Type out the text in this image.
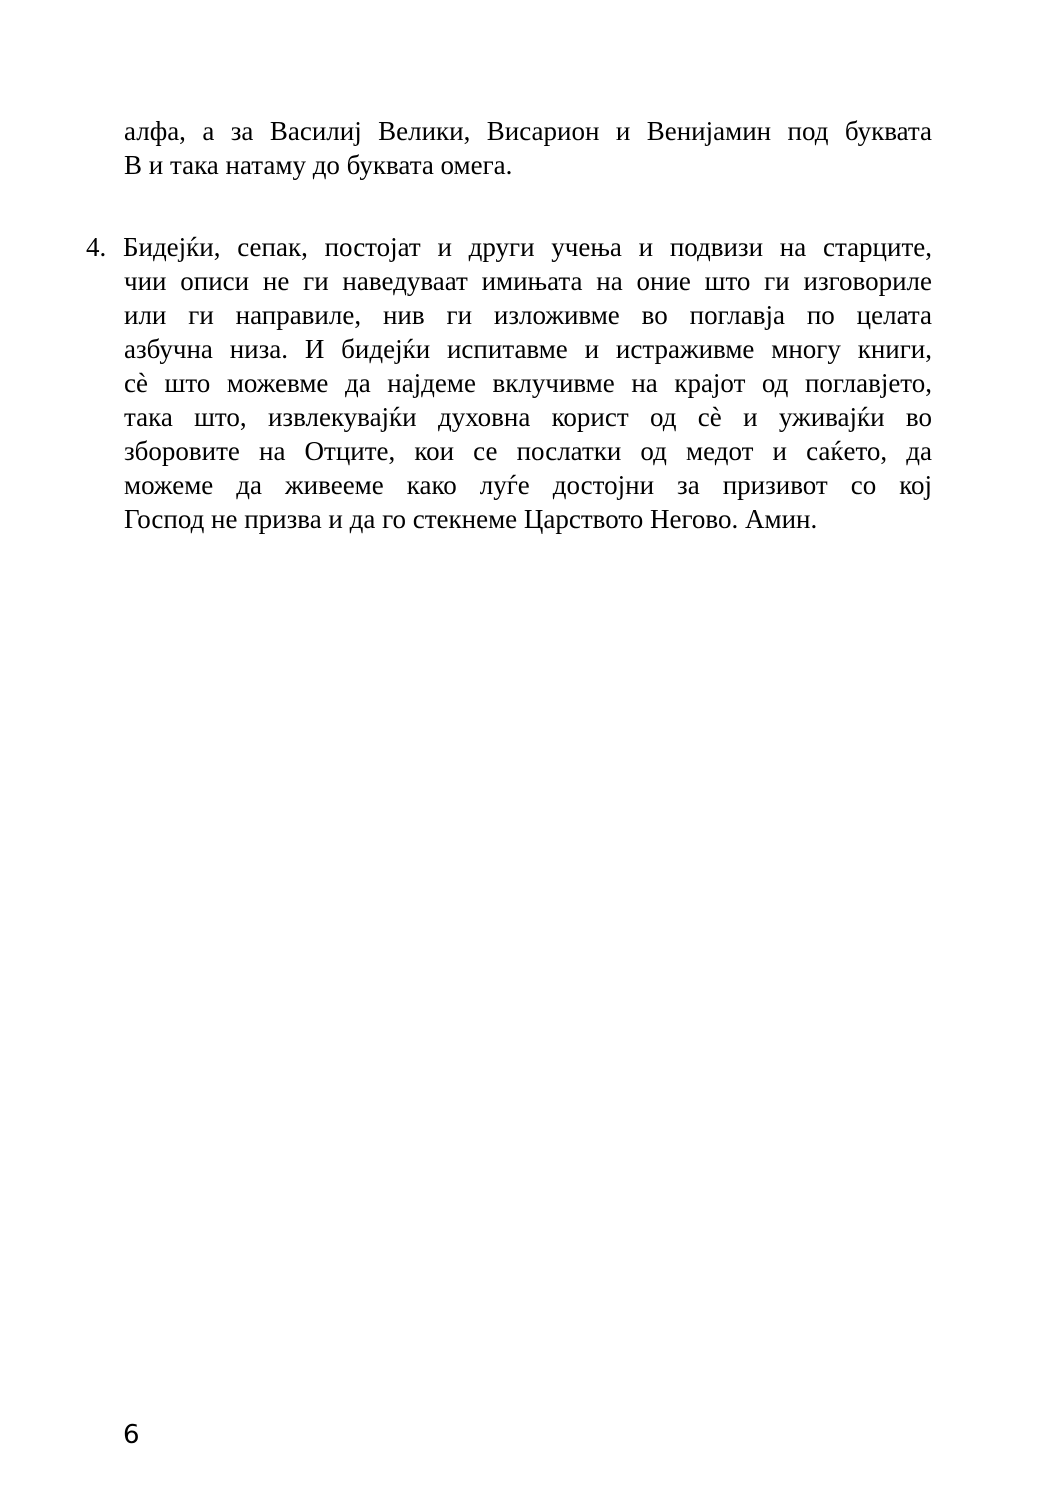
алфа, а за Василиј Велики, Висарион и Венијамин под буквата
В и така натаму до буквата омега.
4. Бидејќи, сепак, постојат и други учења и подвизи на старците,
чии описи не ги наведуваат имињата на оние што ги изговориле
или ги направиле, нив ги изложивме во поглавја по целата
азбучна низа. И бидејќи испитавме и истраживме многу книги,
сè што можевме да најдеме вклучивме на крајот од поглавјето,
така што, извлекувајќи духовна корист од сè и уживајќи во
зборовите на Отците, кои се послатки од медот и саќето, да
можеме да живееме како луѓе достојни за призивот со кој
Господ не призва и да го стекнеме Царството Негово. Амин.
6
